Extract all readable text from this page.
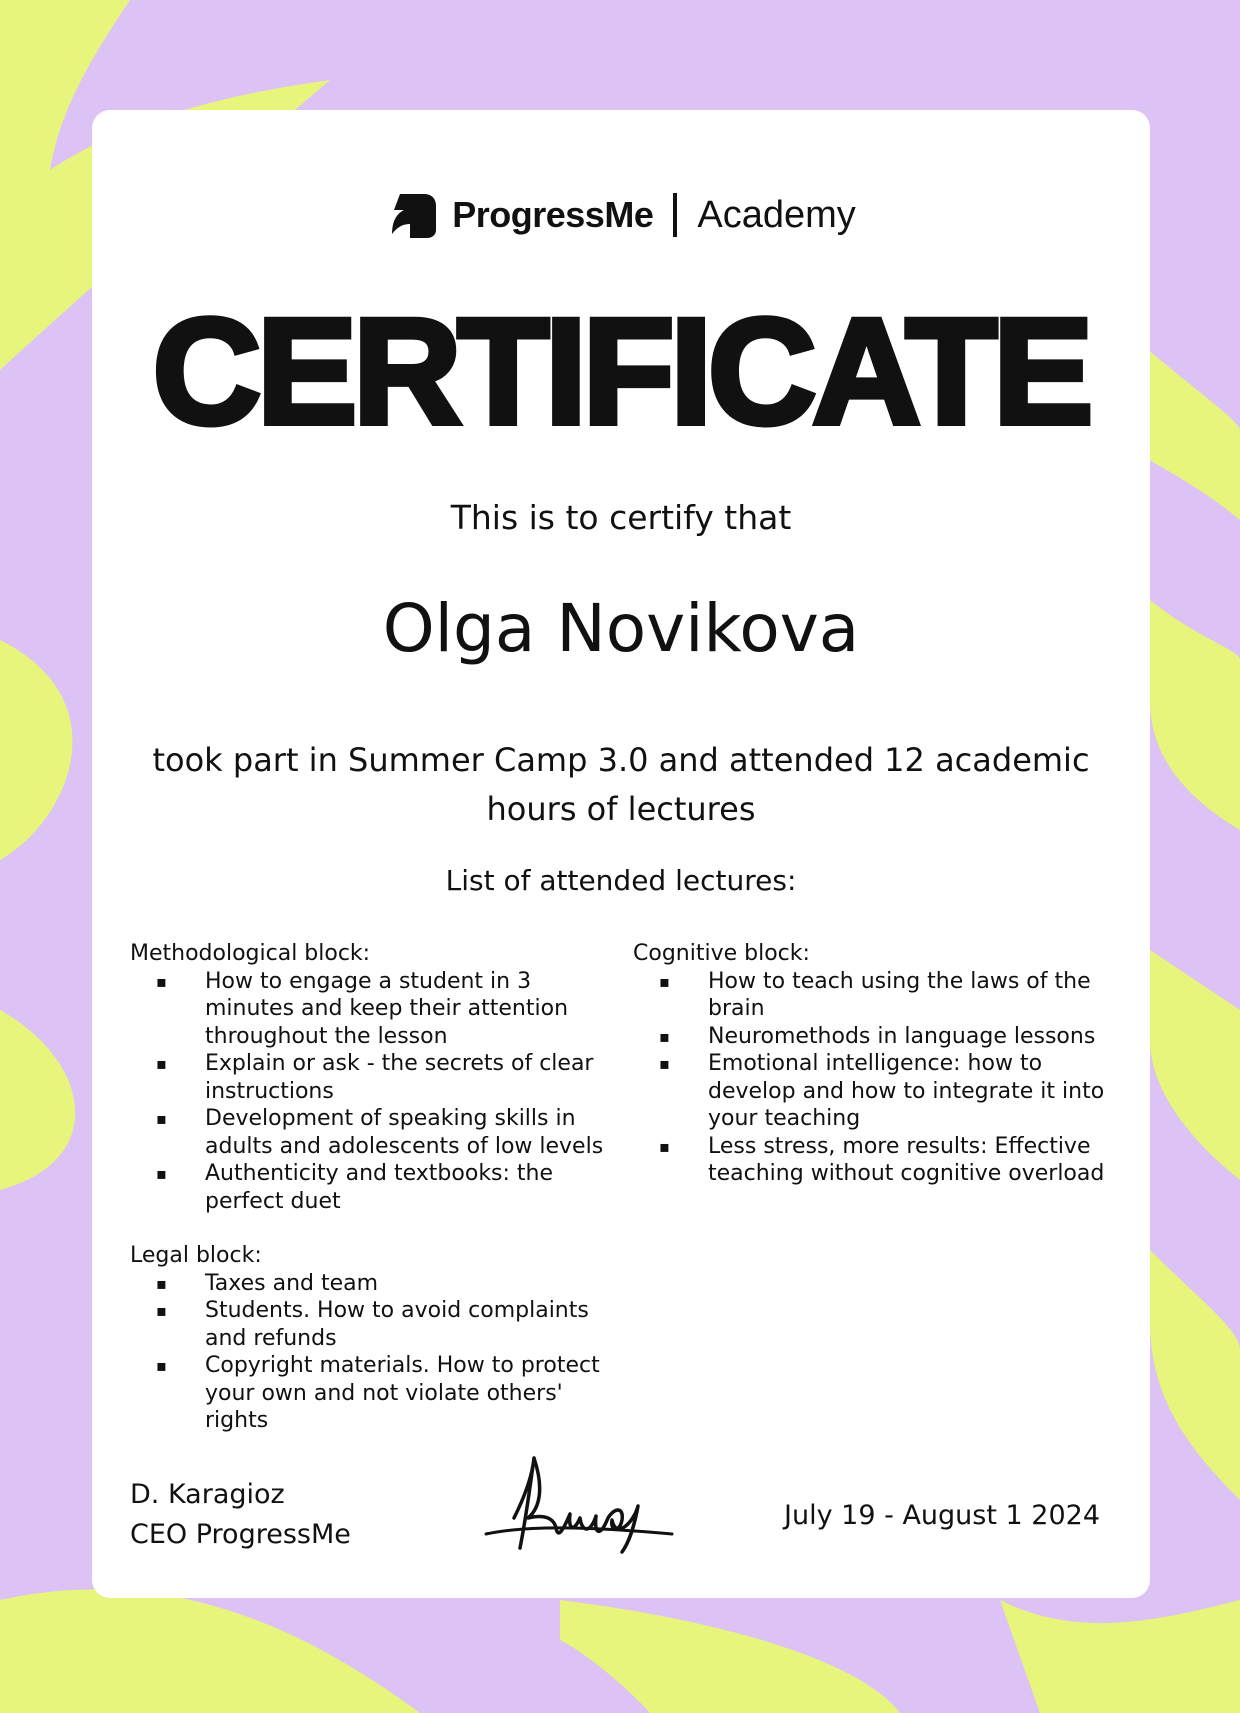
ProgressMe Academy
CERTIFICATE
This is to certify that
Olga Novikova
took part in Summer Camp 3.0 and attended 12 academic hours of lectures
List of attended lectures:
Methodological block:
▪ How to engage a student in 3 minutes and keep their attention throughout the lesson
▪ Explain or ask - the secrets of clear instructions
▪ Development of speaking skills in adults and adolescents of low levels
▪ Authenticity and textbooks: the perfect duet
Legal block:
▪ Taxes and team
▪ Students. How to avoid complaints and refunds
▪ Copyright materials. How to protect your own and not violate others' rights
Cognitive block:
▪ How to teach using the laws of the brain
▪ Neuromethods in language lessons
▪ Emotional intelligence: how to develop and how to integrate it into your teaching
▪ Less stress, more results: Effective teaching without cognitive overload
D. Karagioz
CEO ProgressMe
July 19 - August 1 2024
